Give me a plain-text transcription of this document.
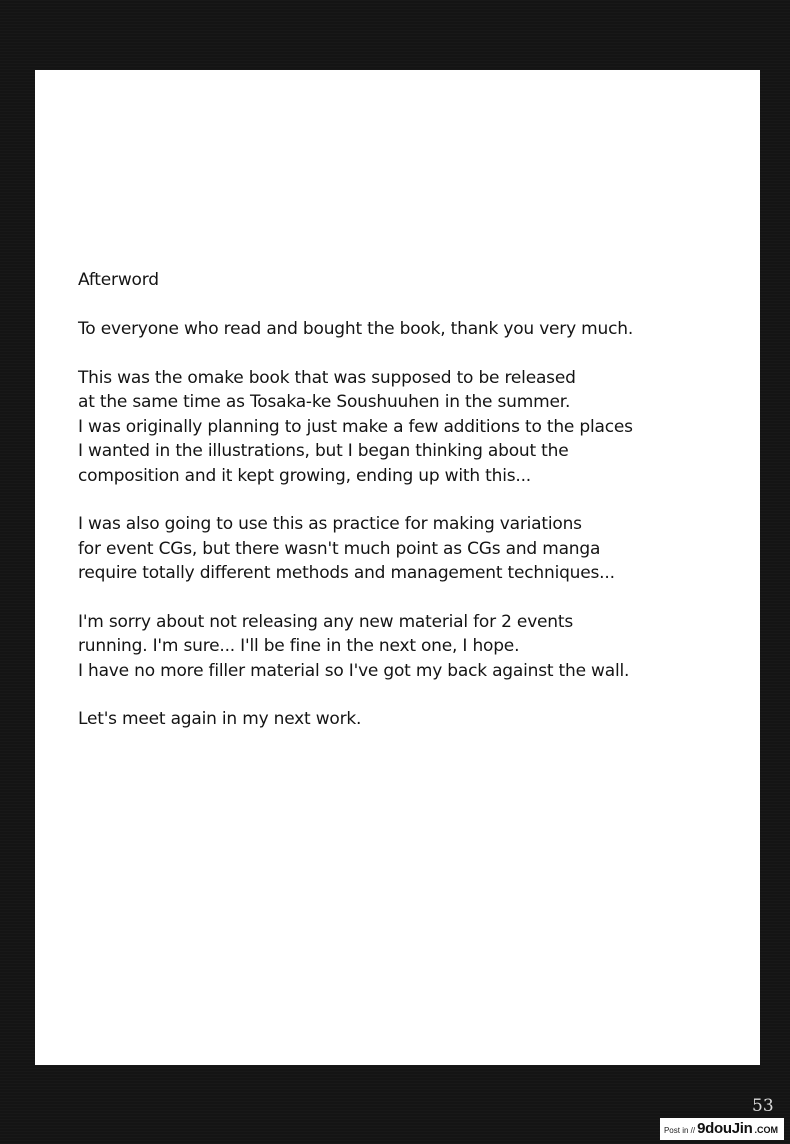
Afterword
To everyone who read and bought the book, thank you very much.
This was the omake book that was supposed to be released
at the same time as Tosaka-ke Soushuuhen in the summer.
I was originally planning to just make a few additions to the places
I wanted in the illustrations, but I began thinking about the
composition and it kept growing, ending up with this...
I was also going to use this as practice for making variations
for event CGs, but there wasn't much point as CGs and manga
require totally different methods and management techniques...
I'm sorry about not releasing any new material for 2 events
running. I'm sure... I'll be fine in the next one, I hope.
I have no more filler material so I've got my back against the wall.
Let's meet again in my next work.
53
Post in // 9douJin .COM
